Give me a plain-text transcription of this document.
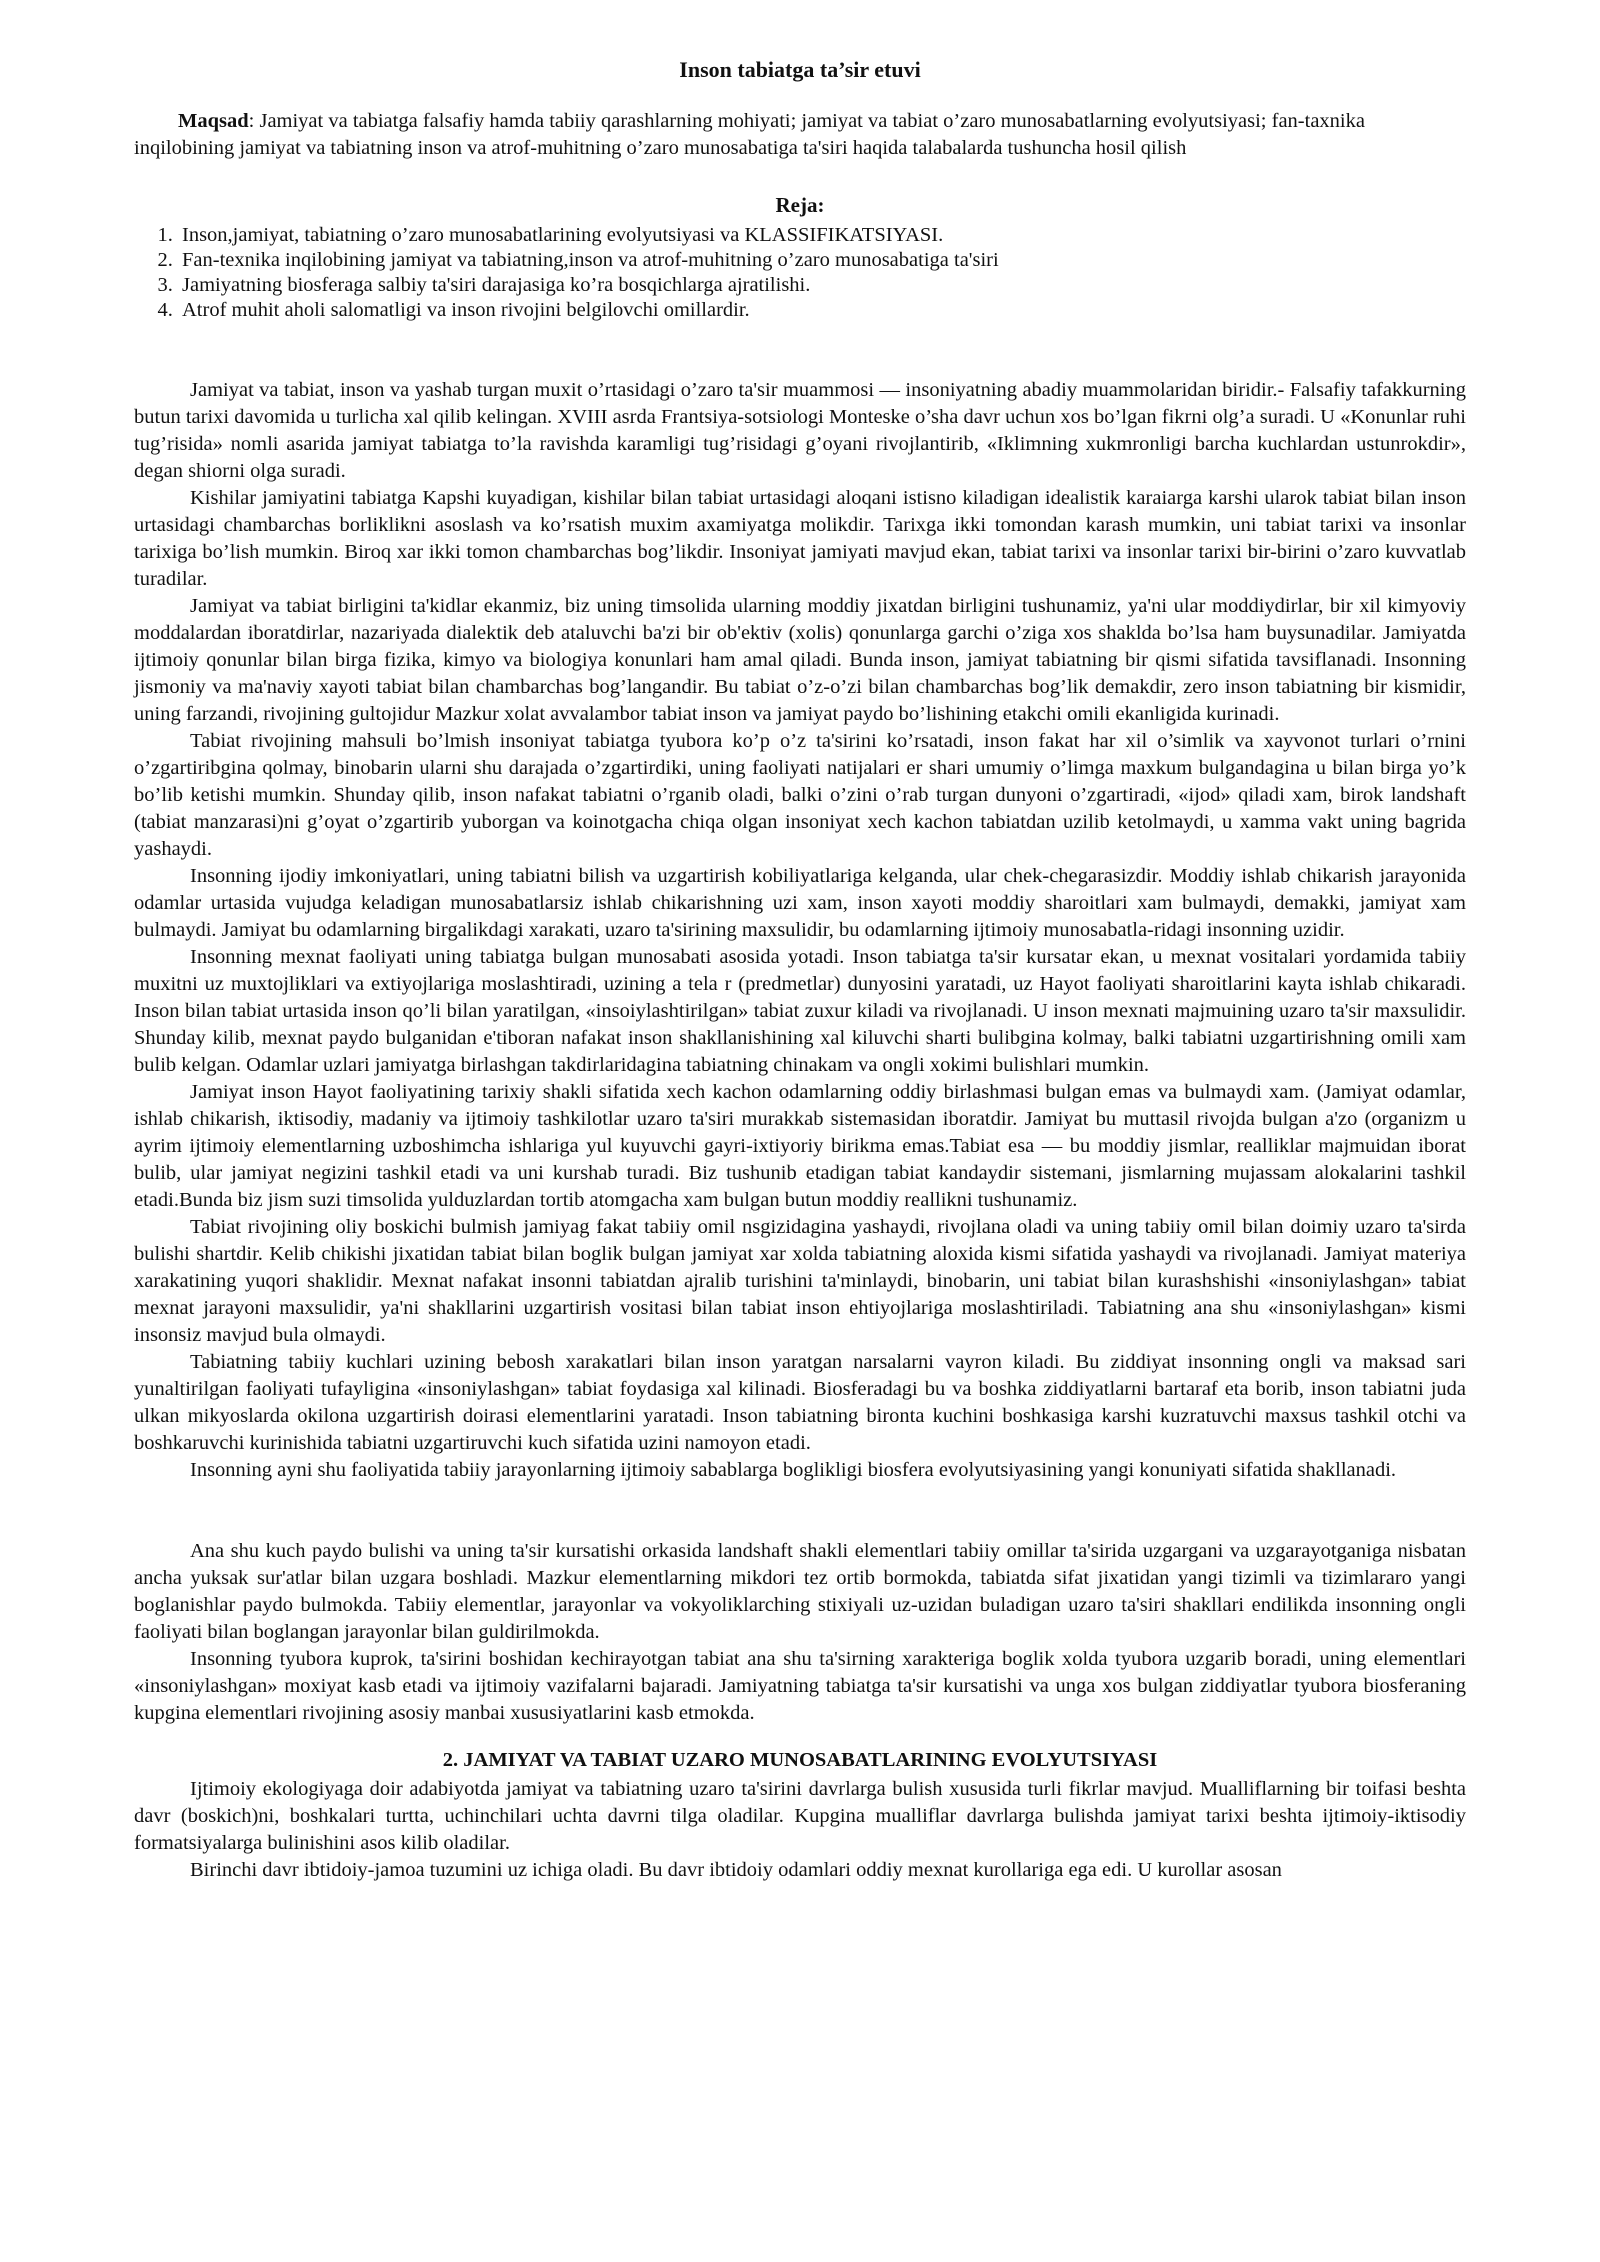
Inson tabiatga ta’sir etuvi

Maqsad: Jamiyat va tabiatga falsafiy hamda tabiiy qarashlarning mohiyati; jamiyat va tabiat o’zaro munosabatlarning evolyutsiyasi; fan-taxnika inqilobining jamiyat va tabiatning inson va atrof-muhitning o’zaro munosabatiga ta'siri haqida talabalarda tushuncha hosil qilish

Reja:
1. Inson,jamiyat, tabiatning o’zaro munosabatlarining evolyutsiyasi va KLASSIFIKATSIYASI.
2. Fan-texnika inqilobining jamiyat va tabiatning,inson va atrof-muhitning o’zaro munosabatiga ta'siri
3. Jamiyatning biosferaga salbiy ta'siri darajasiga ko’ra bosqichlarga ajratilishi.
4. Atrof muhit aholi salomatligi va inson rivojini belgilovchi omillardir.

Jamiyat va tabiat, inson va yashab turgan muxit o’rtasidagi o’zaro ta'sir muammosi — insoniyatning abadiy muammolaridan biridir.- Falsafiy tafakkurning butun tarixi davomida u turlicha xal qilib kelingan. XVIII asrda Frantsiya-sotsiologi Monteske o’sha davr uchun xos bo’lgan fikrni olg’a suradi. U «Konunlar ruhi tug’risida» nomli asarida jamiyat tabiatga to’la ravishda karamligi tug’risidagi g’oyani rivojlantirib, «Iklimning xukmronligi barcha kuchlardan ustunrokdir», degan shiorni olga suradi.

Kishilar jamiyatini tabiatga Kapshi kuyadigan, kishilar bilan tabiat urtasidagi aloqani istisno kiladigan idealistik karaiarga karshi ularok tabiat bilan inson urtasidagi chambarchas borliklikni asoslash va ko’rsatish muxim axamiyatga molikdir. Tarixga ikki tomondan karash mumkin, uni tabiat tarixi va insonlar tarixiga bo’lish mumkin. Biroq xar ikki tomon chambarchas bog’likdir. Insoniyat jamiyati mavjud ekan, tabiat tarixi va insonlar tarixi bir-birini o’zaro kuvvatlab turadilar.

Jamiyat va tabiat birligini ta'kidlar ekanmiz, biz uning timsolida ularning moddiy jixatdan birligini tushunamiz, ya'ni ular moddiydirlar, bir xil kimyoviy moddalardan iboratdirlar, nazariyada dialektik deb ataluvchi ba'zi bir ob'ektiv (xolis) qonunlarga garchi o’ziga xos shaklda bo’lsa ham buysunadilar. Jamiyatda ijtimoiy qonunlar bilan birga fizika, kimyo va biologiya konunlari ham amal qiladi. Bunda inson, jamiyat tabiatning bir qismi sifatida tavsiflanadi. Insonning jismoniy va ma'naviy xayoti tabiat bilan chambarchas bog’langandir. Bu tabiat o’z-o’zi bilan chambarchas bog’lik demakdir, zero inson tabiatning bir kismidir, uning farzandi, rivojining gultojidur Mazkur xolat avvalambor tabiat inson va jamiyat paydo bo’lishining etakchi omili ekanligida kurinadi.

Tabiat rivojining mahsuli bo’lmish insoniyat tabiatga tyubora ko’p o’z ta'sirini ko’rsatadi, inson fakat har xil o’simlik va xayvonot turlari o’rnini o’zgartiribgina qolmay, binobarin ularni shu darajada o’zgartirdiki, uning faoliyati natijalari er shari umumiy o’limga maxkum bulgandagina u bilan birga yo’k bo’lib ketishi mumkin. Shunday qilib, inson nafakat tabiatni o’rganib oladi, balki o’zini o’rab turgan dunyoni o’zgartiradi, «ijod» qiladi xam, birok landshaft (tabiat manzarasi)ni g’oyat o’zgartirib yuborgan va koinotgacha chiqa olgan insoniyat xech kachon tabiatdan uzilib ketolmaydi, u xamma vakt uning bagrida yashaydi.

Insonning ijodiy imkoniyatlari, uning tabiatni bilish va uzgartirish kobiliyatlariga kelganda, ular chek-chegarasizdir. Moddiy ishlab chikarish jarayonida odamlar urtasida vujudga keladigan munosabatlarsiz ishlab chikarishning uzi xam, inson xayoti moddiy sharoitlari xam bulmaydi, demakki, jamiyat xam bulmaydi. Jamiyat bu odamlarning birgalikdagi xarakati, uzaro ta'sirining maxsulidir, bu odamlarning ijtimoiy munosabatla-ridagi insonning uzidir.

Insonning mexnat faoliyati uning tabiatga bulgan munosabati asosida yotadi. Inson tabiatga ta'sir kursatar ekan, u mexnat vositalari yordamida tabiiy muxitni uz muxtojliklari va extiyojlariga moslashtiradi, uzining a tela r (predmetlar) dunyosini yaratadi, uz Hayot faoliyati sharoitlarini kayta ishlab chikaradi. Inson bilan tabiat urtasida inson qo’li bilan yaratilgan, «insoiylashtirilgan» tabiat zuxur kiladi va rivojlanadi. U inson mexnati majmuining uzaro ta'sir maxsulidir. Shunday kilib, mexnat paydo bulganidan e'tiboran nafakat inson shakllanishining xal kiluvchi sharti bulibgina kolmay, balki tabiatni uzgartirishning omili xam bulib kelgan. Odamlar uzlari jamiyatga birlashgan takdirlaridagina tabiatning chinakam va ongli xokimi bulishlari mumkin.

Jamiyat inson Hayot faoliyatining tarixiy shakli sifatida xech kachon odamlarning oddiy birlashmasi bulgan emas va bulmaydi xam. (Jamiyat odamlar, ishlab chikarish, iktisodiy, madaniy va ijtimoiy tashkilotlar uzaro ta'siri murakkab sistemasidan iboratdir. Jamiyat bu muttasil rivojda bulgan a'zo (organizm u ayrim ijtimoiy elementlarning uzboshimcha ishlariga yul kuyuvchi gayri-ixtiyoriy birikma emas.Tabiat esa — bu moddiy jismlar, realliklar majmuidan iborat bulib, ular jamiyat negizini tashkil etadi va uni kurshab turadi. Biz tushunib etadigan tabiat kandaydir sistemani, jismlarning mujassam alokalarini tashkil etadi.Bunda biz jism suzi timsolida yulduzlardan tortib atomgacha xam bulgan butun moddiy reallikni tushunamiz.

Tabiat rivojining oliy boskichi bulmish jamiyag fakat tabiiy omil nsgizidagina yashaydi, rivojlana oladi va uning tabiiy omil bilan doimiy uzaro ta'sirda bulishi shartdir. Kelib chikishi jixatidan tabiat bilan boglik bulgan jamiyat xar xolda tabiatning aloxida kismi sifatida yashaydi va rivojlanadi. Jamiyat materiya xarakatining yuqori shaklidir. Mexnat nafakat insonni tabiatdan ajralib turishini ta'minlaydi, binobarin, uni tabiat bilan kurashshishi «insoniylashgan» tabiat mexnat jarayoni maxsulidir, ya'ni shakllarini uzgartirish vositasi bilan tabiat inson ehtiyojlariga moslashtiriladi. Tabiatning ana shu «insoniylashgan» kismi insonsiz mavjud bula olmaydi.

Tabiatning tabiiy kuchlari uzining bebosh xarakatlari bilan inson yaratgan narsalarni vayron kiladi. Bu ziddiyat insonning ongli va maksad sari yunaltirilgan faoliyati tufayligina «insoniylashgan» tabiat foydasiga xal kilinadi. Biosferadagi bu va boshka ziddiyatlarni bartaraf eta borib, inson tabiatni juda ulkan mikyoslarda okilona uzgartirish doirasi elementlarini yaratadi. Inson tabiatning bironta kuchini boshkasiga karshi kuzratuvchi maxsus tashkil otchi va boshkaruvchi kurinishida tabiatni uzgartiruvchi kuch sifatida uzini namoyon etadi.

Insonning ayni shu faoliyatida tabiiy jarayonlarning ijtimoiy sabablarga boglikligi biosfera evolyutsiyasining yangi konuniyati sifatida shakllanadi.

Ana shu kuch paydo bulishi va uning ta'sir kursatishi orkasida landshaft shakli elementlari tabiiy omillar ta'sirida uzgargani va uzgarayotganiga nisbatan ancha yuksak sur'atlar bilan uzgara boshladi. Mazkur elementlarning mikdori tez ortib bormokda, tabiatda sifat jixatidan yangi tizimli va tizimlararo yangi boglanishlar paydo bulmokda. Tabiiy elementlar, jarayonlar va vokyoliklarching stixiyali uz-uzidan buladigan uzaro ta'siri shakllari endilikda insonning ongli faoliyati bilan boglangan jarayonlar bilan guldirilmokda.

Insonning tyubora kuprok, ta'sirini boshidan kechirayotgan tabiat ana shu ta'sirning xarakteriga boglik xolda tyubora uzgarib boradi, uning elementlari «insoniylashgan» moxiyat kasb etadi va ijtimoiy vazifalarni bajaradi. Jamiyatning tabiatga ta'sir kursatishi va unga xos bulgan ziddiyatlar tyubora biosferaning kupgina elementlari rivojining asosiy manbai xususiyatlarini kasb etmokda.

2. JAMIYAT VA TABIAT UZARO MUNOSABATLARINING EVOLYUTSIYASI

Ijtimoiy ekologiyaga doir adabiyotda jamiyat va tabiatning uzaro ta'sirini davrlarga bulish xususida turli fikrlar mavjud. Mualliflarning bir toifasi beshta davr (boskich)ni, boshkalari turtta, uchinchilari uchta davrni tilga oladilar. Kupgina mualliflar davrlarga bulishda jamiyat tarixi beshta ijtimoiy-iktisodiy formatsiyalarga bulinishini asos kilib oladilar.

Birinchi davr ibtidoiy-jamoa tuzumini uz ichiga oladi. Bu davr ibtidoiy odamlari oddiy mexnat kurollariga ega edi. U kurollar asosan
